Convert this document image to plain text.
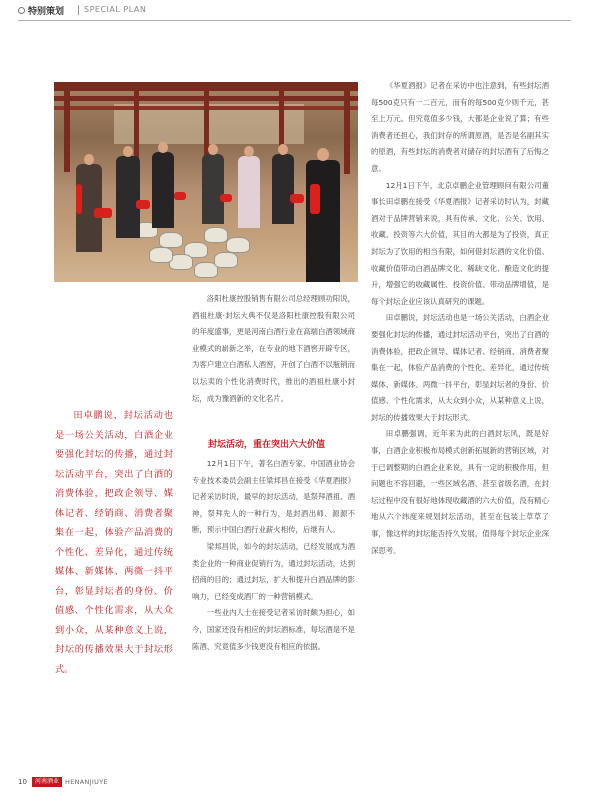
特别策划 SPECIAL PLAN

洛阳杜康控股销售有限公司总经理顾功阳说，酒祖杜康·封坛大典不仅是洛阳杜康控股有限公司的年度盛事，更是河南白酒行业在高端白酒领域商业模式的崭新之举，在专业的地下酒窖开辟专区，为客户建立白酒私人酒窖，开创了白酒不以瓶销而以坛卖的个性化消费时代，推出的酒祖杜康小封坛，成为豫酒新的文化名片。

封坛活动，重在突出六大价值

12月1日下午，著名白酒专家、中国酒业协会专业技术委员会副主任梁邦昌在接受《华夏酒报》记者采访时说，最早的封坛活动，是祭拜酒祖、酒神，祭拜先人的一种行为，是封酒出师、源源不断，预示中国白酒行业薪火相传，后继有人。

梁邦昌说，如今的封坛活动，已经发展成为酒类企业的一种商业促销行为，通过封坛活动，达到招商的目的；通过封坛，扩大和提升白酒品牌的影响力，已经变成酒厂的一种营销模式。

一些业内人士在接受记者采访时颇为担心，如今，国家还没有相应的封坛酒标准，每坛酒是不是陈酒、究竟值多少钱更没有相应的依据。

《华夏酒报》记者在采访中也注意到，有些封坛酒每500克只有一二百元，而有的每500克少则千元，甚至上万元。但究竟值多少钱，大都是企业说了算；有些消费者还担心，我们封存的所谓原酒，是否是名副其实的原酒，有些封坛的消费者对储存的封坛酒有了后悔之意。

12月1日下午，北京卓鹏企业管理顾问有限公司董事长田卓鹏在接受《华夏酒报》记者采访时认为，封藏酒对于品牌营销来说，具有传承、文化、公关、饮用、收藏、投资等六大价值，其目的大都是为了投资，真正封坛为了饮用的相当有限，如何借封坛酒的文化价值、收藏价值带动白酒品牌文化、稀缺文化、酿造文化的提升，增强它的收藏属性、投资价值、带动品牌增值，是每个封坛企业应该认真研究的课题。

田卓鹏说，封坛活动也是一场公关活动，白酒企业要强化封坛的传播，通过封坛活动平台，突出了白酒的消费体验，把政企领导、媒体记者、经销商、消费者聚集在一起，体验产品消费的个性化、差异化，通过传统媒体、新媒体、两微一抖平台，彰显封坛者的身份、价值感、个性化需求，从大众到小众，从某种意义上说，封坛的传播效果大于封坛形式。

田卓鹏强调，近年来为此的白酒封坛风，既是好事，白酒企业积极布局模式创新拓展新的营销区域，对于已调整期的白酒企业来说，具有一定的积极作用，但问题也不容回避，一些区域名酒、甚至省级名酒，在封坛过程中没有很好地体现收藏酒的六大价值，没有精心地从六个纬度来规划封坛活动，甚至在包装上草草了事，像这样的封坛能否持久发展，值得每个封坛企业深深思考。

田卓鹏说，封坛活动也是一场公关活动，白酒企业要强化封坛的传播，通过封坛活动平台，突出了白酒的消费体验，把政企领导、媒体记者、经销商、消费者聚集在一起，体验产品消费的个性化、差异化，通过传统媒体、新媒体、两微一抖平台，彰显封坛者的身份、价值感、个性化需求，从大众到小众，从某种意义上说，封坛的传播效果大于封坛形式。

10	河南酒业 HENANJIUYE
